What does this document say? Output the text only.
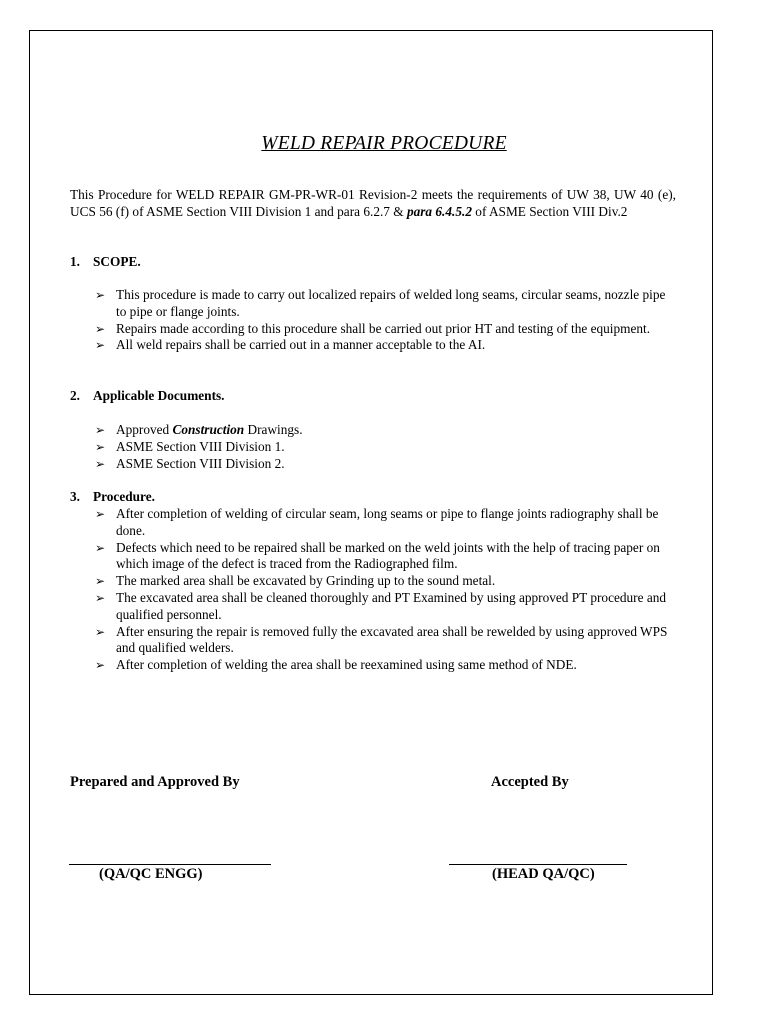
WELD REPAIR PROCEDURE
This Procedure for WELD REPAIR GM-PR-WR-01 Revision-2 meets the requirements of UW 38, UW 40 (e), UCS 56 (f) of ASME Section VIII Division 1 and para 6.2.7 & para 6.4.5.2 of ASME Section VIII Div.2
1. SCOPE.
➢ This procedure is made to carry out localized repairs of welded long seams, circular seams, nozzle pipe to pipe or flange joints.
➢ Repairs made according to this procedure shall be carried out prior HT and testing of the equipment.
➢ All weld repairs shall be carried out in a manner acceptable to the AI.
2. Applicable Documents.
➢ Approved Construction Drawings.
➢ ASME Section VIII Division 1.
➢ ASME Section VIII Division 2.
3. Procedure.
➢ After completion of welding of circular seam, long seams or pipe to flange joints radiography shall be done.
➢ Defects which need to be repaired shall be marked on the weld joints with the help of tracing paper on which image of the defect is traced from the Radiographed film.
➢ The marked area shall be excavated by Grinding up to the sound metal.
➢ The excavated area shall be cleaned thoroughly and PT Examined by using approved PT procedure and qualified personnel.
➢ After ensuring the repair is removed fully the excavated area shall be rewelded by using approved WPS and qualified welders.
➢ After completion of welding the area shall be reexamined using same method of NDE.
Prepared and Approved By	Accepted By
(QA/QC ENGG)	(HEAD QA/QC)
